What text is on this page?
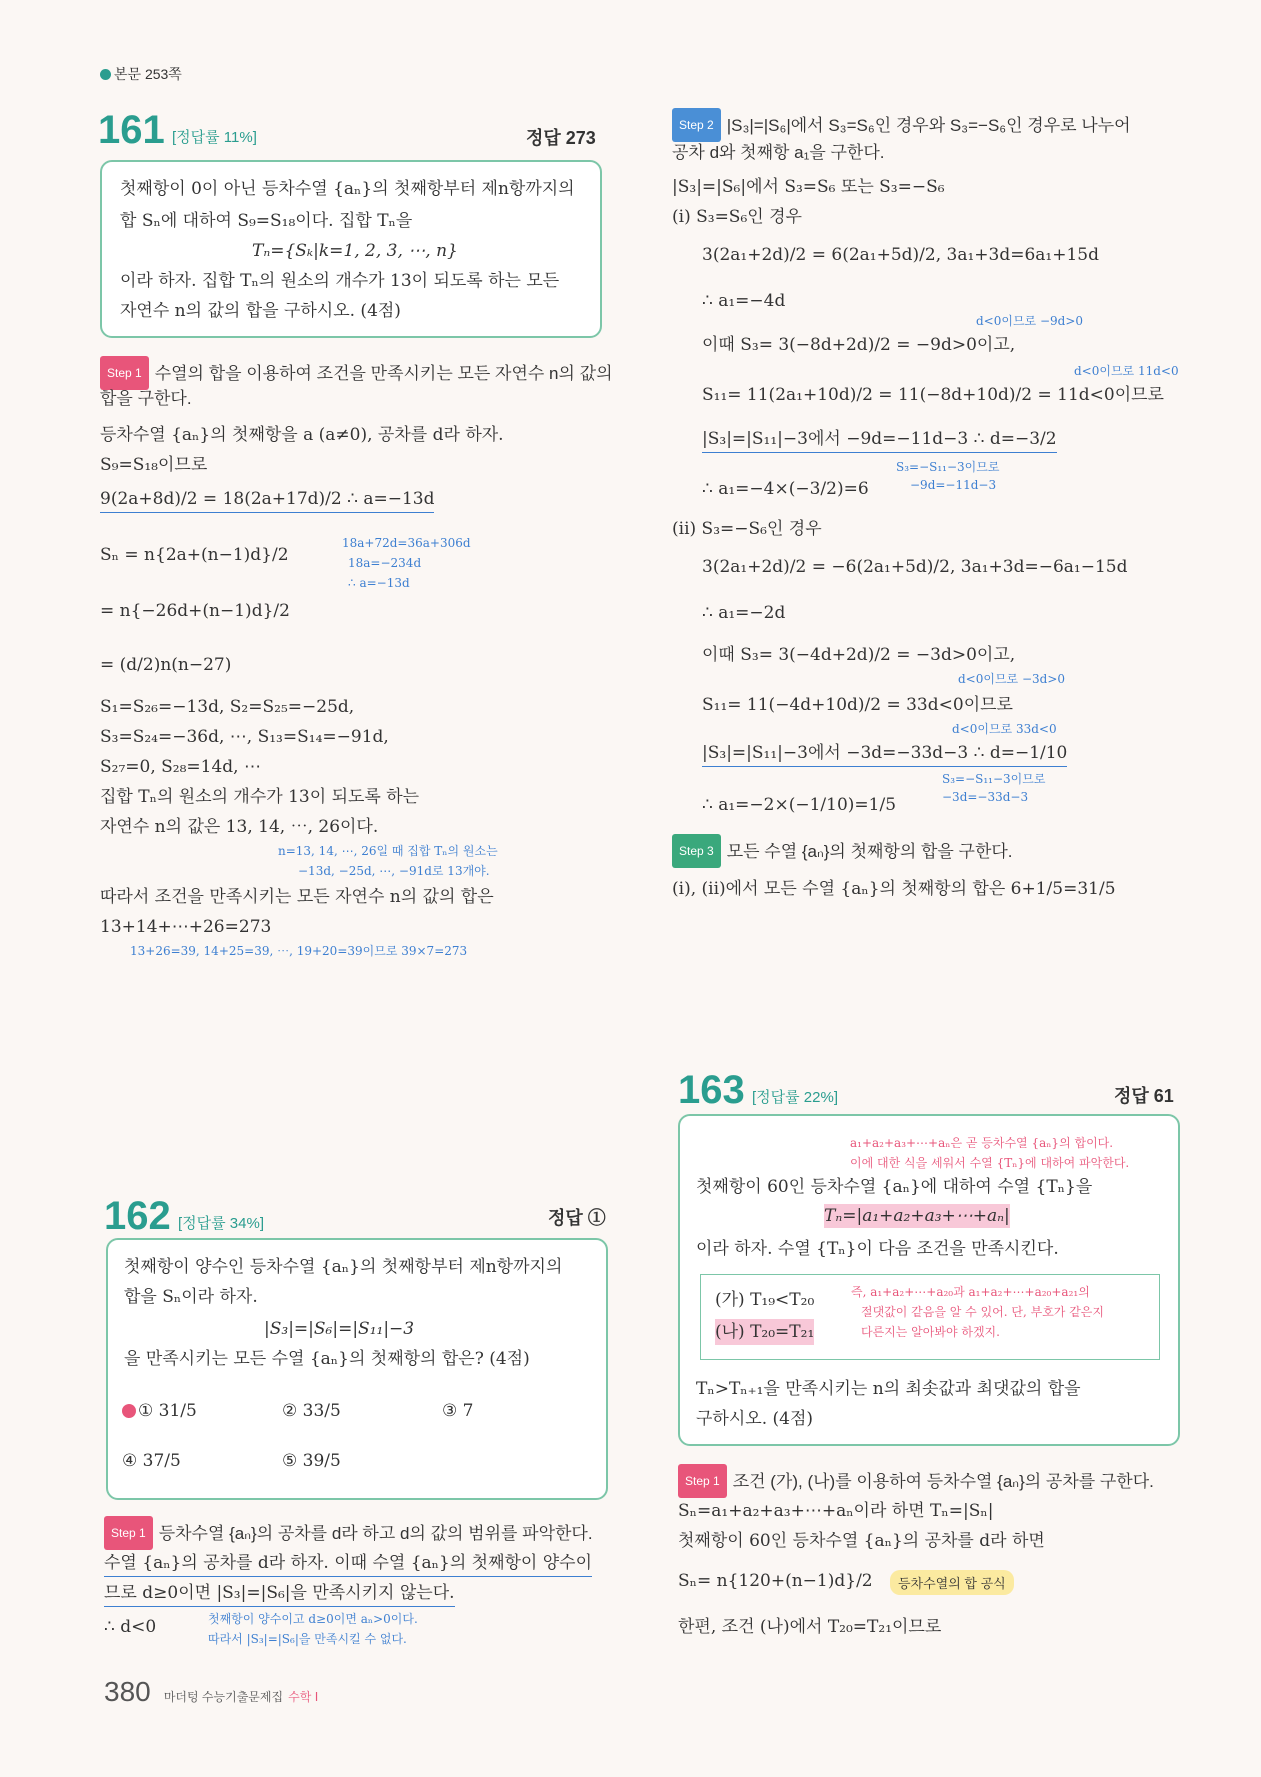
본문 253쪽
161 [정답률 11%]	정답 273
첫째항이 0이 아닌 등차수열 {aₙ}의 첫째항부터 제n항까지의
합 Sₙ에 대하여 S₉=S₁₈이다. 집합 Tₙ을
Tₙ={Sₖ|k=1, 2, 3, ⋯, n}
이라 하자. 집합 Tₙ의 원소의 개수가 13이 되도록 하는 모든
자연수 n의 값의 합을 구하시오. (4점)
Step 1 수열의 합을 이용하여 조건을 만족시키는 모든 자연수 n의 값의
합을 구한다.
등차수열 {aₙ}의 첫째항을 a (a≠0), 공차를 d라 하자.
S₉=S₁₈이므로
9(2a+8d)/2 = 18(2a+17d)/2 ∴ a=−13d
18a+72d=36a+306d
18a=−234d
∴ a=−13d
Sₙ = n{2a+(n−1)d}/2
= n{−26d+(n−1)d}/2
= (d/2)n(n−27)
S₁=S₂₆=−13d, S₂=S₂₅=−25d,
S₃=S₂₄=−36d, ⋯, S₁₃=S₁₄=−91d,
S₂₇=0, S₂₈=14d, ⋯
집합 Tₙ의 원소의 개수가 13이 되도록 하는
자연수 n의 값은 13, 14, ⋯, 26이다.
n=13, 14, ⋯, 26일 때 집합 Tₙ의 원소는
−13d, −25d, ⋯, −91d로 13개야.
따라서 조건을 만족시키는 모든 자연수 n의 값의 합은
13+14+⋯+26=273
13+26=39, 14+25=39, ⋯, 19+20=39이므로 39×7=273
Step 2 |S₃|=|S₆|에서 S₃=S₆인 경우와 S₃=−S₆인 경우로 나누어
공차 d와 첫째항 a₁을 구한다.
|S₃|=|S₆|에서 S₃=S₆ 또는 S₃=−S₆
(i) S₃=S₆인 경우
3(2a₁+2d)/2 = 6(2a₁+5d)/2, 3a₁+3d=6a₁+15d
∴ a₁=−4d
d<0이므로 −9d>0
이때 S₃= 3(−8d+2d)/2 = −9d>0이고,
d<0이므로 11d<0
S₁₁= 11(2a₁+10d)/2 = 11(−8d+10d)/2 = 11d<0이므로
|S₃|=|S₁₁|−3에서 −9d=−11d−3 ∴ d=−3/2
S₃=−S₁₁−3이므로
−9d=−11d−3
∴ a₁=−4×(−3/2)=6
(ii) S₃=−S₆인 경우
3(2a₁+2d)/2 = −6(2a₁+5d)/2, 3a₁+3d=−6a₁−15d
∴ a₁=−2d
이때 S₃= 3(−4d+2d)/2 = −3d>0이고,
d<0이므로 −3d>0
S₁₁= 11(−4d+10d)/2 = 33d<0이므로
d<0이므로 33d<0
|S₃|=|S₁₁|−3에서 −3d=−33d−3 ∴ d=−1/10
S₃=−S₁₁−3이므로
−3d=−33d−3
∴ a₁=−2×(−1/10)=1/5
Step 3 모든 수열 {aₙ}의 첫째항의 합을 구한다.
(i), (ii)에서 모든 수열 {aₙ}의 첫째항의 합은 6+1/5=31/5
162 [정답률 34%]	정답 ①
첫째항이 양수인 등차수열 {aₙ}의 첫째항부터 제n항까지의
합을 Sₙ이라 하자.
|S₃|=|S₆|=|S₁₁|−3
을 만족시키는 모든 수열 {aₙ}의 첫째항의 합은? (4점)
① 31/5	② 33/5	③ 7
④ 37/5	⑤ 39/5
Step 1 등차수열 {aₙ}의 공차를 d라 하고 d의 값의 범위를 파악한다.
수열 {aₙ}의 공차를 d라 하자. 이때 수열 {aₙ}의 첫째항이 양수이
므로 d≥0이면 |S₃|=|S₆|을 만족시키지 않는다.
첫째항이 양수이고 d≥0이면 aₙ>0이다.
따라서 |S₃|=|S₆|을 만족시킬 수 없다.
∴ d<0
163 [정답률 22%]	정답 61
a₁+a₂+a₃+⋯+aₙ은 곧 등차수열 {aₙ}의 합이다.
이에 대한 식을 세워서 수열 {Tₙ}에 대하여 파악한다.
첫째항이 60인 등차수열 {aₙ}에 대하여 수열 {Tₙ}을
Tₙ=|a₁+a₂+a₃+⋯+aₙ|
이라 하자. 수열 {Tₙ}이 다음 조건을 만족시킨다.
(가) T₁₉<T₂₀
(나) T₂₀=T₂₁
즉, a₁+a₂+⋯+a₂₀과 a₁+a₂+⋯+a₂₀+a₂₁의
절댓값이 같음을 알 수 있어. 단, 부호가 같은지
다른지는 알아봐야 하겠지.
Tₙ>Tₙ₊₁을 만족시키는 n의 최솟값과 최댓값의 합을
구하시오. (4점)
Step 1 조건 (가), (나)를 이용하여 등차수열 {aₙ}의 공차를 구한다.
Sₙ=a₁+a₂+a₃+⋯+aₙ이라 하면 Tₙ=|Sₙ|
첫째항이 60인 등차수열 {aₙ}의 공차를 d라 하면
Sₙ= n{120+(n−1)d}/2	등차수열의 합 공식
한편, 조건 (나)에서 T₂₀=T₂₁이므로
380 마더텅 수능기출문제집 수학 Ⅰ
